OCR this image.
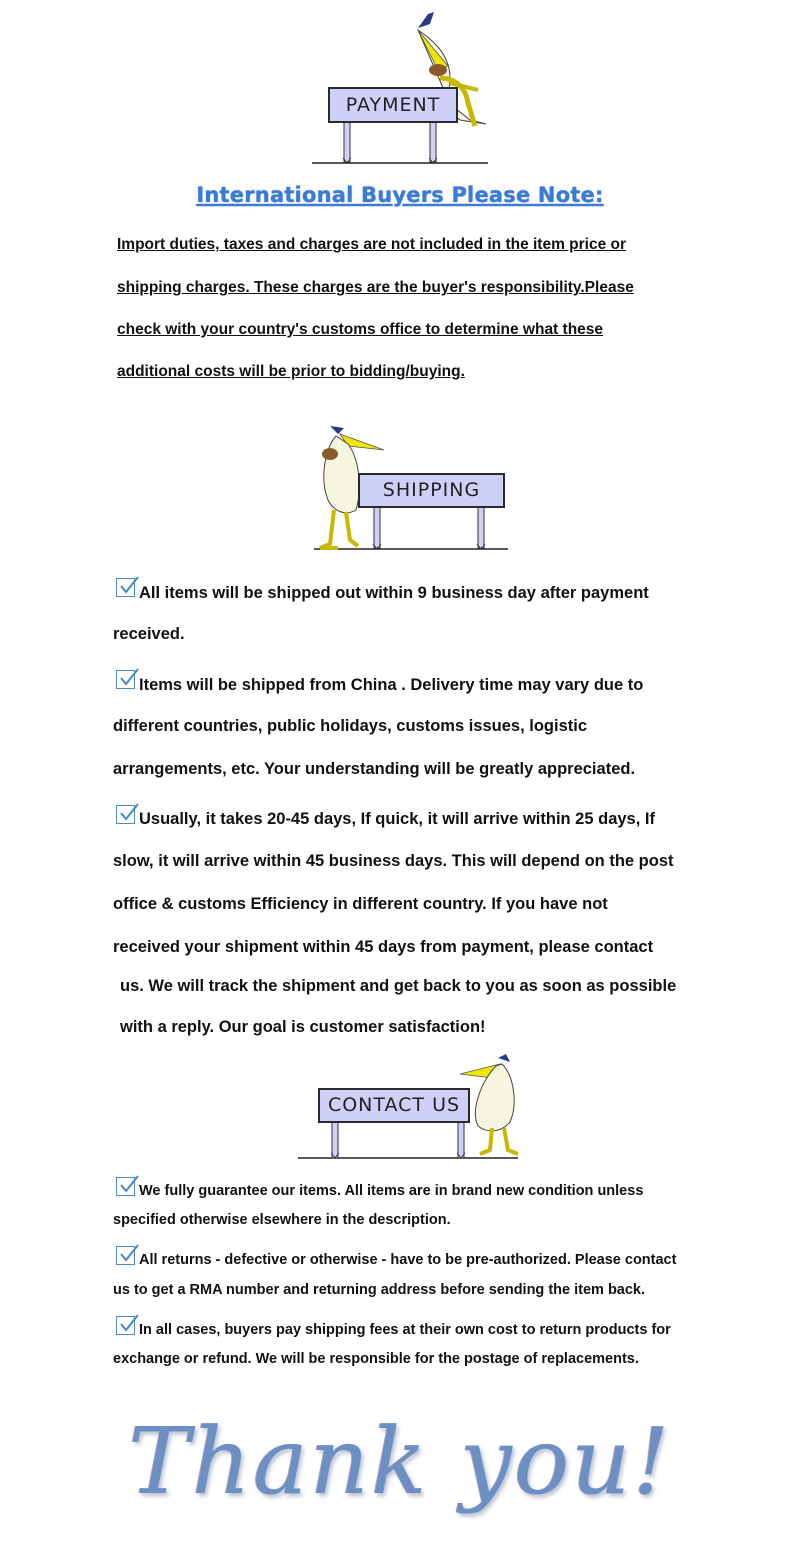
PAYMENT
International Buyers Please Note:
Import duties, taxes and charges are not included in the item price or
shipping charges. These charges are the buyer's responsibility.Please
check with your country's customs office to determine what these
additional costs will be prior to bidding/buying.
SHIPPING
All items will be shipped out within 9 business day after payment
received.
Items will be shipped from China . Delivery time may vary due to
different countries, public holidays, customs issues, logistic
arrangements, etc. Your understanding will be greatly appreciated.
Usually, it takes 20-45 days, If quick, it will arrive within 25 days, If
slow, it will arrive within 45 business days. This will depend on the post
office & customs Efficiency in different country. If you have not
received your shipment within 45 days from payment, please contact
us. We will track the shipment and get back to you as soon as possible
with a reply. Our goal is customer satisfaction!
CONTACT US
We fully guarantee our items. All items are in brand new condition unless
specified otherwise elsewhere in the description.
All returns - defective or otherwise - have to be pre-authorized. Please contact
us to get a RMA number and returning address before sending the item back.
In all cases, buyers pay shipping fees at their own cost to return products for
exchange or refund. We will be responsible for the postage of replacements.
Thank you!
